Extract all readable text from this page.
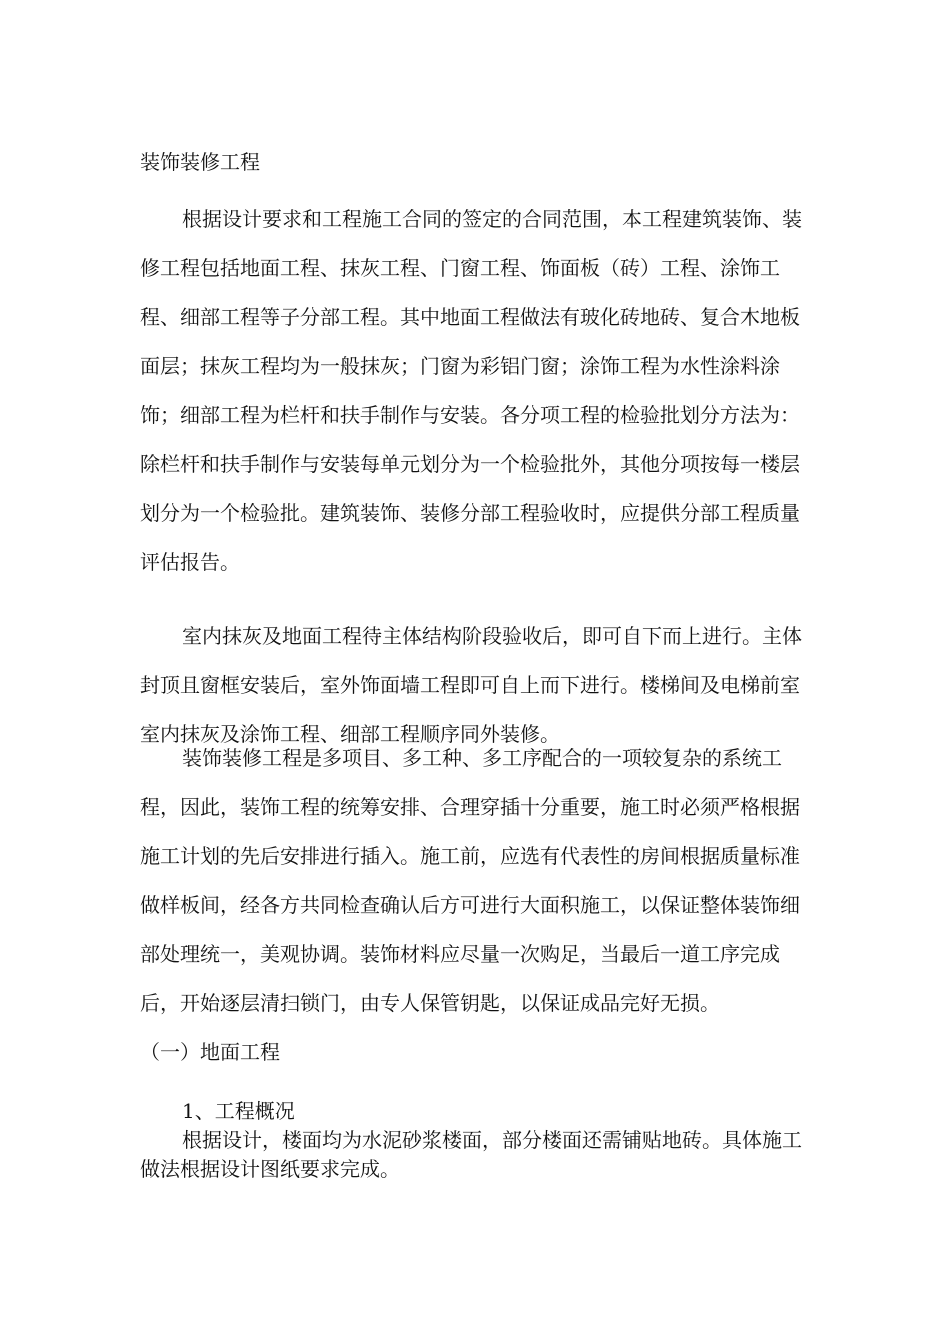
装饰装修工程

根据设计要求和工程施工合同的签定的合同范围，本工程建筑装饰、装修工程包括地面工程、抹灰工程、门窗工程、饰面板（砖）工程、涂饰工程、细部工程等子分部工程。其中地面工程做法有玻化砖地砖、复合木地板面层；抹灰工程均为一般抹灰；门窗为彩铝门窗；涂饰工程为水性涂料涂饰；细部工程为栏杆和扶手制作与安装。各分项工程的检验批划分方法为：除栏杆和扶手制作与安装每单元划分为一个检验批外，其他分项按每一楼层划分为一个检验批。建筑装饰、装修分部工程验收时，应提供分部工程质量评估报告。

室内抹灰及地面工程待主体结构阶段验收后，即可自下而上进行。主体封顶且窗框安装后，室外饰面墙工程即可自上而下进行。楼梯间及电梯前室室内抹灰及涂饰工程、细部工程顺序同外装修。

装饰装修工程是多项目、多工种、多工序配合的一项较复杂的系统工程，因此，装饰工程的统筹安排、合理穿插十分重要，施工时必须严格根据施工计划的先后安排进行插入。施工前，应选有代表性的房间根据质量标准做样板间，经各方共同检查确认后方可进行大面积施工，以保证整体装饰细部处理统一，美观协调。装饰材料应尽量一次购足，当最后一道工序完成后，开始逐层清扫锁门，由专人保管钥匙，以保证成品完好无损。

（一）地面工程
1、工程概况

根据设计，楼面均为水泥砂浆楼面，部分楼面还需铺贴地砖。具体施工做法根据设计图纸要求完成。
